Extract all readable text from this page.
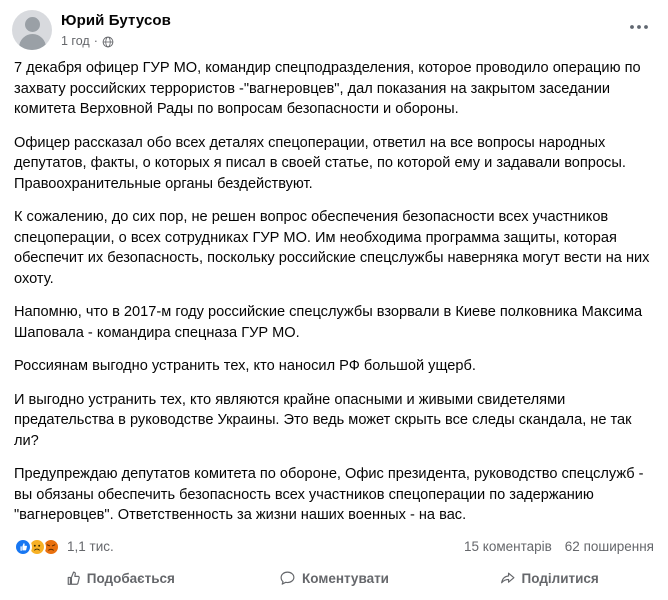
Юрий Бутусов
1 год ·

7 декабря офицер ГУР МО, командир спецподразделения, которое проводило операцию по захвату российских террористов -"вагнеровцев", дал показания на закрытом заседании комитета Верховной Рады по вопросам безопасности и обороны.

Офицер рассказал обо всех деталях спецоперации, ответил на все вопросы народных депутатов, факты, о которых я писал в своей статье, по которой ему и задавали вопросы. Правоохранительные органы бездействуют.

К сожалению, до сих пор, не решен вопрос обеспечения безопасности всех участников спецоперации, о всех сотрудниках ГУР МО. Им необходима программа защиты, которая обеспечит их безопасность, поскольку российские спецслужбы наверняка могут вести на них охоту.

Напомню, что в 2017-м году российские спецслужбы взорвали в Киеве полковника Максима Шаповала - командира спецназа ГУР МО.

Россиянам выгодно устранить тех, кто наносил РФ большой ущерб.

И выгодно устранить тех, кто являются крайне опасными и живыми свидетелями предательства в руководстве Украины. Это ведь может скрыть все следы скандала, не так ли?

Предупреждаю депутатов комитета по обороне, Офис президента, руководство спецслужб - вы обязаны обеспечить безопасность всех участников спецоперации по задержанию "вагнеровцев". Ответственность за жизни наших военных - на вас.

1,1 тис.	15 коментарів 62 поширення
Подобається	Коментувати	Поділитися
